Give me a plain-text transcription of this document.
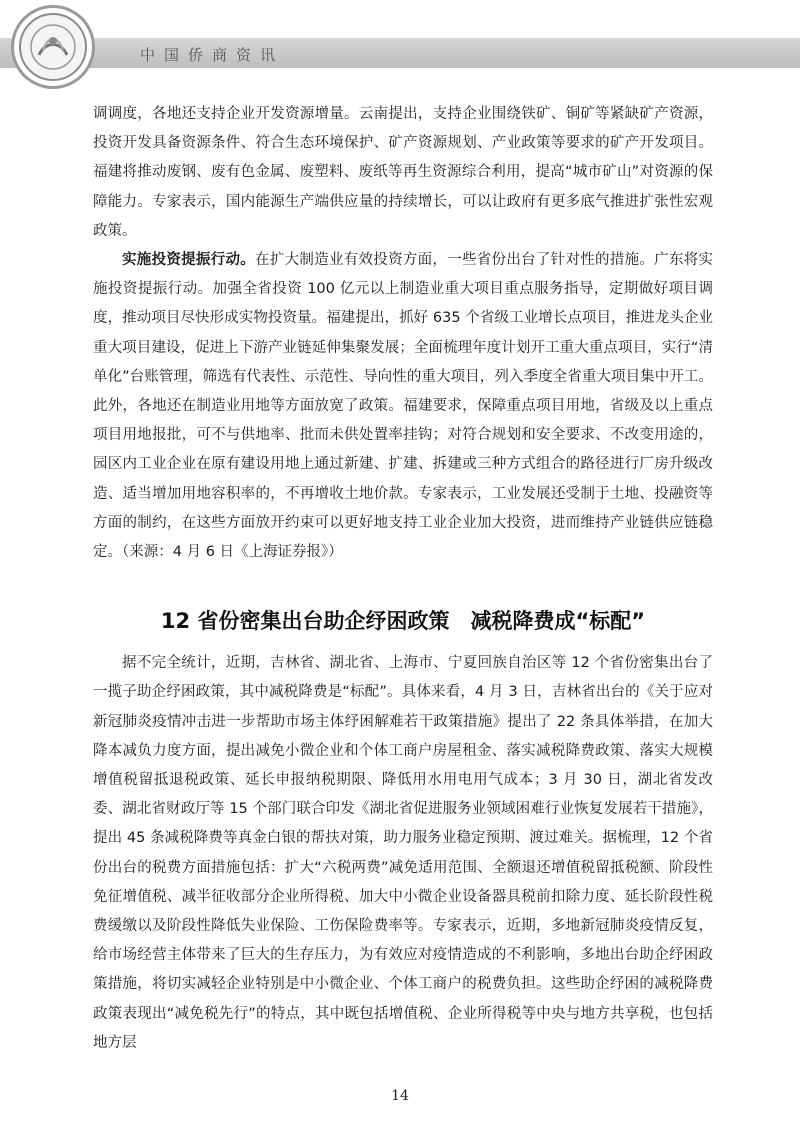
中国侨商资讯

调调度，各地还支持企业开发资源增量。云南提出，支持企业围绕铁矿、铜矿等紧缺矿产资源，投资开发具备资源条件、符合生态环境保护、矿产资源规划、产业政策等要求的矿产开发项目。福建将推动废钢、废有色金属、废塑料、废纸等再生资源综合利用，提高“城市矿山”对资源的保障能力。专家表示，国内能源生产端供应量的持续增长，可以让政府有更多底气推进扩张性宏观政策。

实施投资提振行动。在扩大制造业有效投资方面，一些省份出台了针对性的措施。广东将实施投资提振行动。加强全省投资 100 亿元以上制造业重大项目重点服务指导，定期做好项目调度，推动项目尽快形成实物投资量。福建提出，抓好 635 个省级工业增长点项目，推进龙头企业重大项目建设，促进上下游产业链延伸集聚发展；全面梳理年度计划开工重大重点项目，实行“清单化”台账管理，筛选有代表性、示范性、导向性的重大项目，列入季度全省重大项目集中开工。此外，各地还在制造业用地等方面放宽了政策。福建要求，保障重点项目用地，省级及以上重点项目用地报批，可不与供地率、批而未供处置率挂钩；对符合规划和安全要求、不改变用途的，园区内工业企业在原有建设用地上通过新建、扩建、拆建或三种方式组合的路径进行厂房升级改造、适当增加用地容积率的，不再增收土地价款。专家表示，工业发展还受制于土地、投融资等方面的制约，在这些方面放开约束可以更好地支持工业企业加大投资，进而维持产业链供应链稳定。（来源：4 月 6 日《上海证券报》）

12 省份密集出台助企纾困政策　减税降费成“标配”

据不完全统计，近期，吉林省、湖北省、上海市、宁夏回族自治区等 12 个省份密集出台了一揽子助企纾困政策，其中减税降费是“标配”。具体来看，4 月 3 日，吉林省出台的《关于应对新冠肺炎疫情冲击进一步帮助市场主体纾困解难若干政策措施》提出了 22 条具体举措，在加大降本减负力度方面，提出减免小微企业和个体工商户房屋租金、落实减税降费政策、落实大规模增值税留抵退税政策、延长申报纳税期限、降低用水用电用气成本；3 月 30 日，湖北省发改委、湖北省财政厅等 15 个部门联合印发《湖北省促进服务业领域困难行业恢复发展若干措施》，提出 45 条减税降费等真金白银的帮扶对策，助力服务业稳定预期、渡过难关。据梳理，12 个省份出台的税费方面措施包括：扩大“六税两费”减免适用范围、全额退还增值税留抵税额、阶段性免征增值税、减半征收部分企业所得税、加大中小微企业设备器具税前扣除力度、延长阶段性税费缓缴以及阶段性降低失业保险、工伤保险费率等。专家表示，近期，多地新冠肺炎疫情反复，给市场经营主体带来了巨大的生存压力，为有效应对疫情造成的不利影响，多地出台助企纾困政策措施，将切实减轻企业特别是中小微企业、个体工商户的税费负担。这些助企纾困的减税降费政策表现出“减免税先行”的特点，其中既包括增值税、企业所得税等中央与地方共享税，也包括地方层

14
